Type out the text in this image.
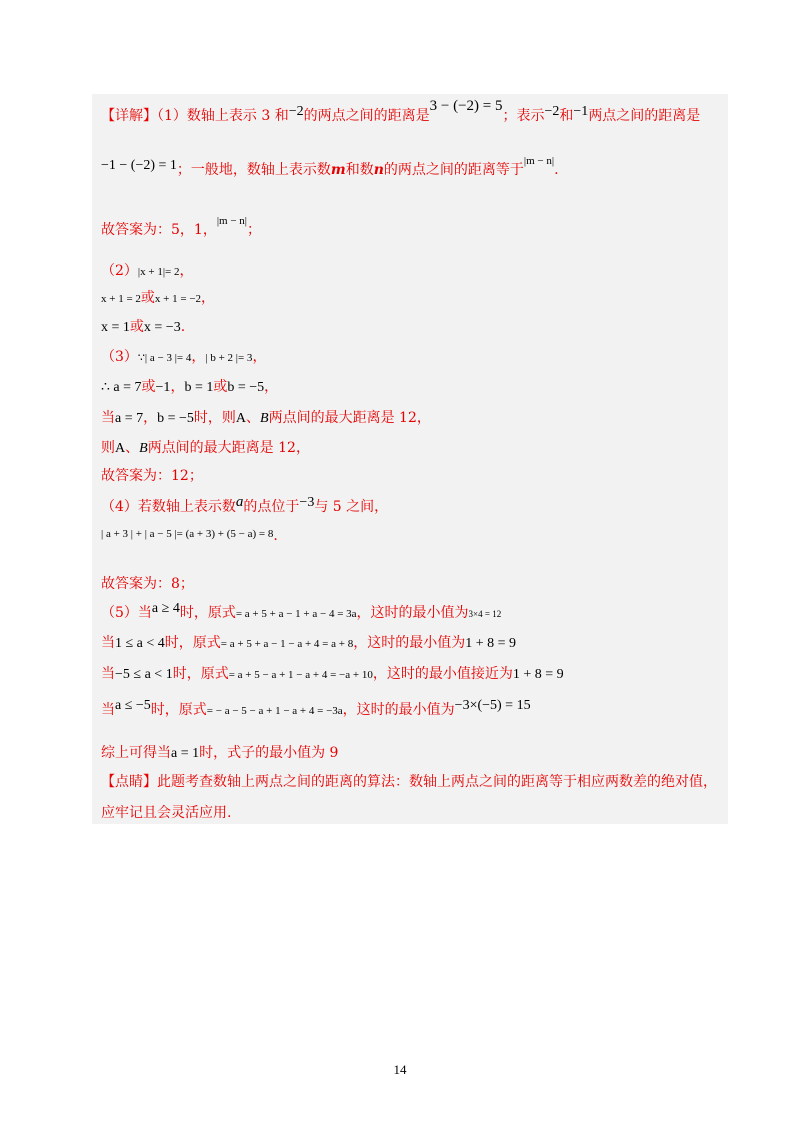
【详解】（1）数轴上表示 3 和−2的两点之间的距离是3 − (−2) = 5；表示−2和−1两点之间的距离是
−1 − (−2) = 1；一般地，数轴上表示数m和数n的两点之间的距离等于$^{|m - n|}$.
故答案为：5，1，$^{|m - n|}$；
（2）|x + 1|= 2，
x + 1 = 2或x + 1 = −2，
x = 1或x = −3.
（3）∵| a − 3 |= 4，| b + 2 |= 3，
∴ a = 7或−1，b = 1或b = −5，
当a = 7，b = −5时，则A、B两点间的最大距离是 12，
则A、B两点间的最大距离是 12，
故答案为：12；
（4）若数轴上表示数a的点位于−3与 5 之间，
| a + 3 | + | a − 5 |= (a + 3) + (5 − a) = 8.
故答案为：8；
（5）当a ≥ 4时，原式= a + 5 + a − 1 + a − 4 = 3a，这时的最小值为3×4 = 12
当1 ≤ a < 4时，原式= a + 5 + a − 1 − a + 4 = a + 8，这时的最小值为1 + 8 = 9
当−5 ≤ a < 1时，原式= a + 5 − a + 1 − a + 4 = −a + 10，这时的最小值接近为1 + 8 = 9
当a ≤ −5时，原式= − a − 5 − a + 1 − a + 4 = −3a，这时的最小值为−3×(−5) = 15
综上可得当a = 1时，式子的最小值为 9
【点睛】此题考查数轴上两点之间的距离的算法：数轴上两点之间的距离等于相应两数差的绝对值，
应牢记且会灵活应用.
14
